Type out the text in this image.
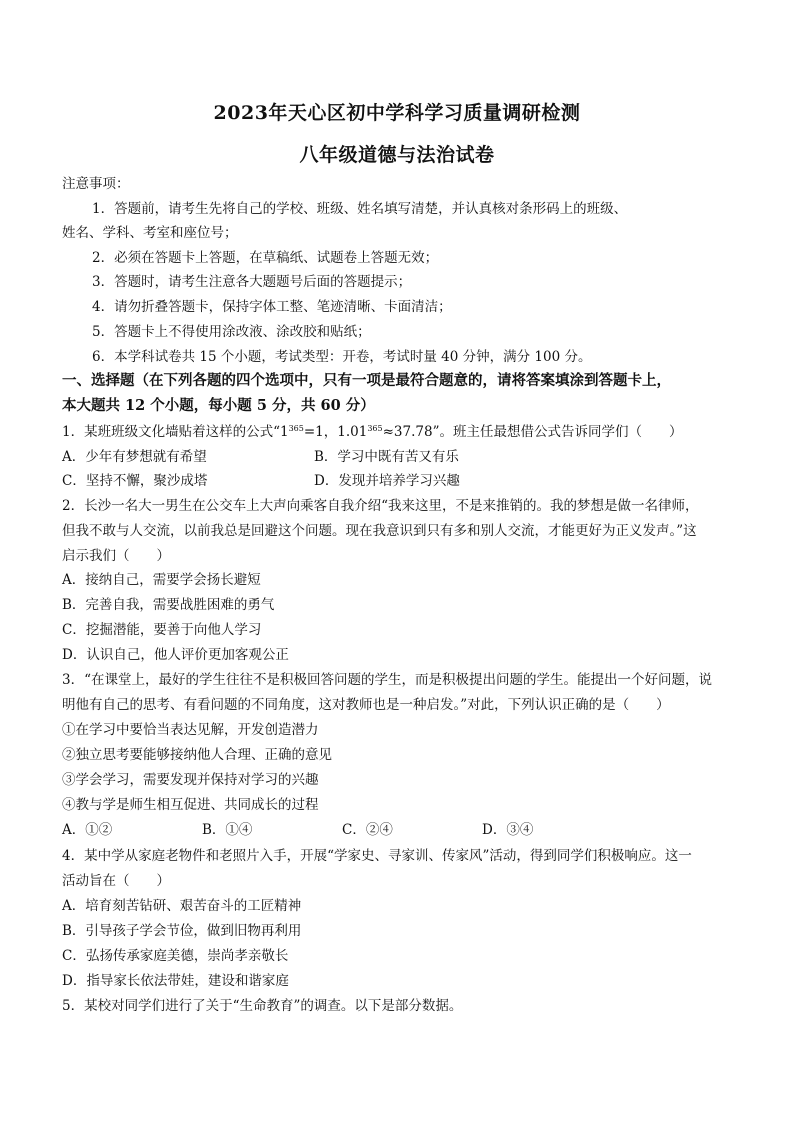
2023年天心区初中学科学习质量调研检测
八年级道德与法治试卷
注意事项：
1．答题前，请考生先将自己的学校、班级、姓名填写清楚，并认真核对条形码上的班级、
姓名、学科、考室和座位号；
2．必须在答题卡上答题，在草稿纸、试题卷上答题无效；
3．答题时，请考生注意各大题题号后面的答题提示；
4．请勿折叠答题卡，保持字体工整、笔迹清晰、卡面清洁；
5．答题卡上不得使用涂改液、涂改胶和贴纸；
6．本学科试卷共 15 个小题，考试类型：开卷，考试时量 40 分钟，满分 100 分。
一、选择题（在下列各题的四个选项中，只有一项是最符合题意的，请将答案填涂到答题卡上，
本大题共 12 个小题，每小题 5 分，共 60 分）
1．某班班级文化墙贴着这样的公式“$1^{365}=1$，$1.01^{365}\approx 37.78$”。班主任最想借公式告诉同学们（　　）
A．少年有梦想就有希望	B．学习中既有苦又有乐
C．坚持不懈，聚沙成塔	D．发现并培养学习兴趣
2．长沙一名大一男生在公交车上大声向乘客自我介绍“我来这里，不是来推销的。我的梦想是做一名律师，
但我不敢与人交流，以前我总是回避这个问题。现在我意识到只有多和别人交流，才能更好为正义发声。”这
启示我们（　　）
A．接纳自己，需要学会扬长避短
B．完善自我，需要战胜困难的勇气
C．挖掘潜能，要善于向他人学习
D．认识自己，他人评价更加客观公正
3．“在课堂上，最好的学生往往不是积极回答问题的学生，而是积极提出问题的学生。能提出一个好问题，说
明他有自己的思考、有看问题的不同角度，这对教师也是一种启发。”对此，下列认识正确的是（　　）
①在学习中要恰当表达见解，开发创造潜力
②独立思考要能够接纳他人合理、正确的意见
③学会学习，需要发现并保持对学习的兴趣
④教与学是师生相互促进、共同成长的过程
A．①②	B．①④	C．②④	D．③④
4．某中学从家庭老物件和老照片入手，开展“学家史、寻家训、传家风”活动，得到同学们积极响应。这一
活动旨在（　　）
A．培育刻苦钻研、艰苦奋斗的工匠精神
B．引导孩子学会节俭，做到旧物再利用
C．弘扬传承家庭美德，崇尚孝亲敬长
D．指导家长依法带娃，建设和谐家庭
5．某校对同学们进行了关于“生命教育”的调查。以下是部分数据。
